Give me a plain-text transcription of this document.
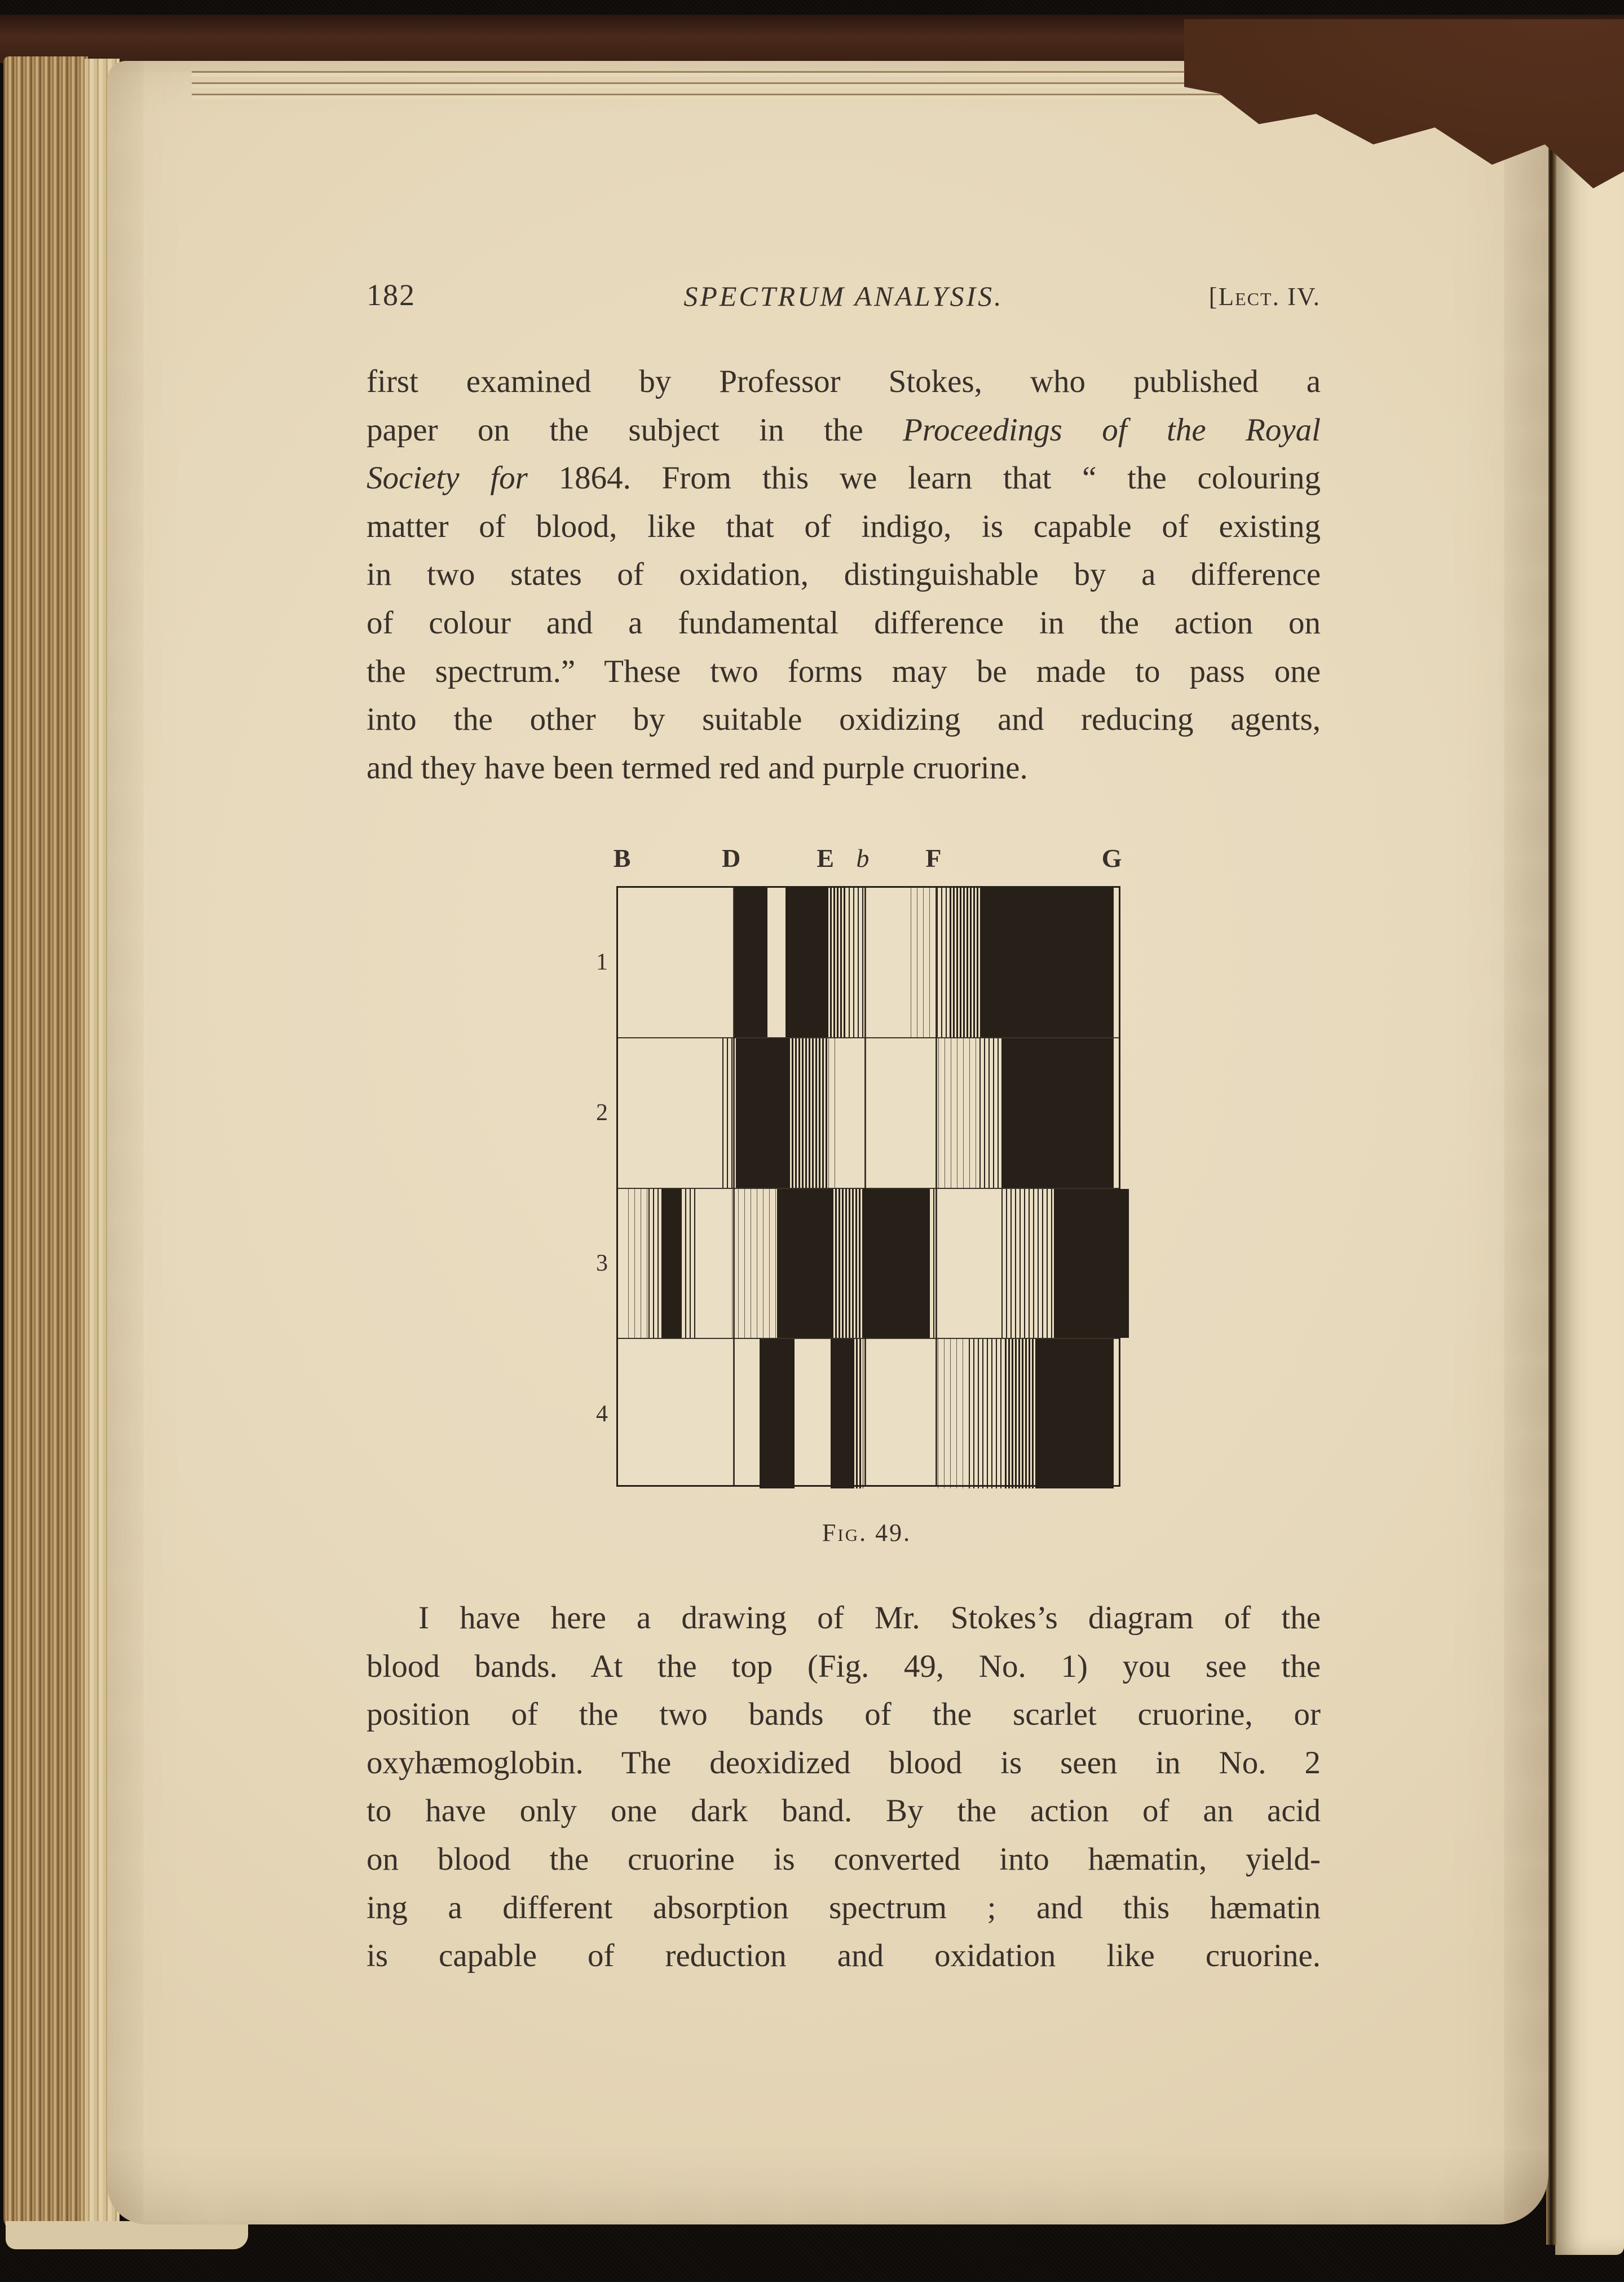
182	SPECTRUM ANALYSIS.	[Lect. IV.
first examined by Professor Stokes, who published a
paper on the subject in the Proceedings of the Royal
Society for 1864. From this we learn that “ the colouring
matter of blood, like that of indigo, is capable of existing
in two states of oxidation, distinguishable by a difference
of colour and a fundamental difference in the action on
the spectrum.” These two forms may be made to pass one
into the other by suitable oxidizing and reducing agents,
and they have been termed red and purple cruorine.
B	D	E b F	G
1
2
3
4
Fig. 49.
I have here a drawing of Mr. Stokes’s diagram of the
blood bands. At the top (Fig. 49, No. 1) you see the
position of the two bands of the scarlet cruorine, or
oxyhæmoglobin. The deoxidized blood is seen in No. 2
to have only one dark band. By the action of an acid
on blood the cruorine is converted into hæmatin, yield-
ing a different absorption spectrum ; and this hæmatin
is capable of reduction and oxidation like cruorine.
